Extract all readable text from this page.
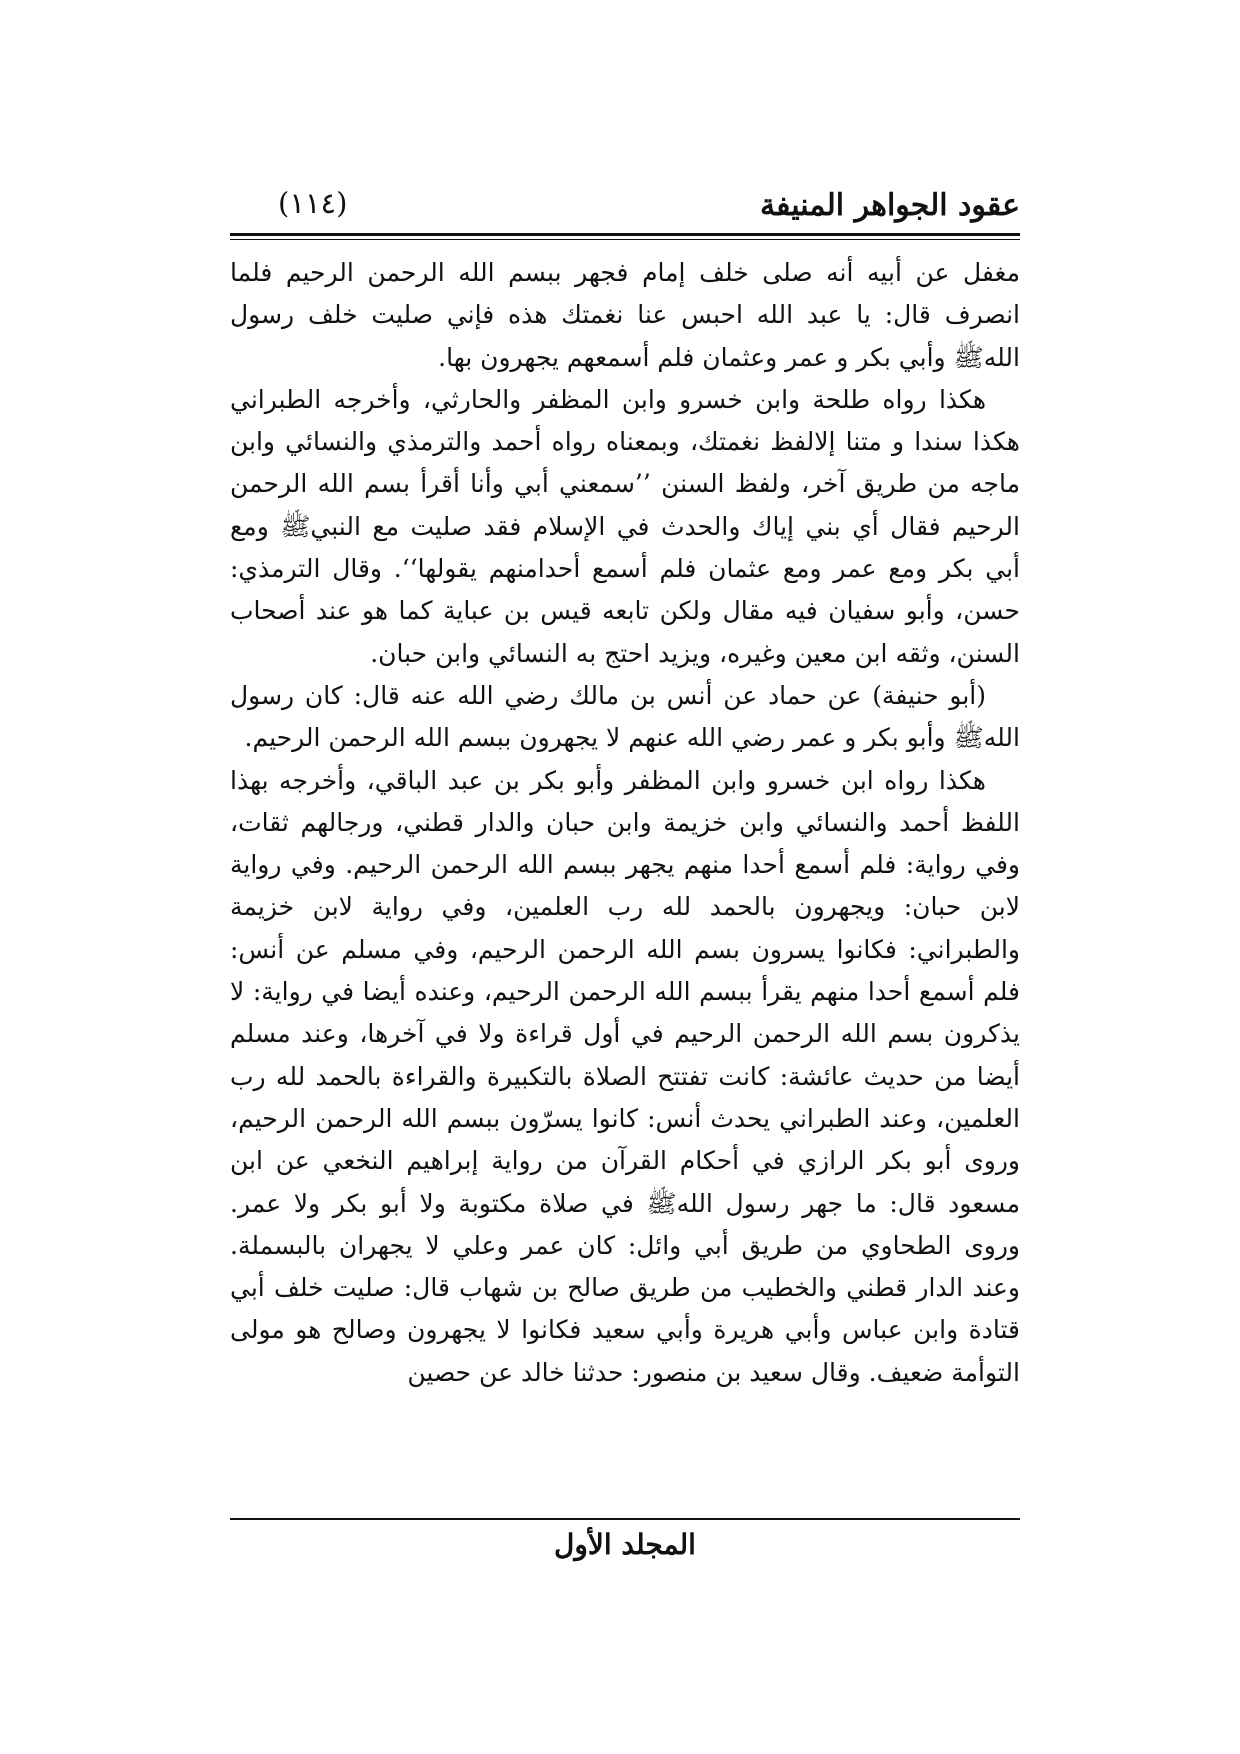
عقود الجواهر المنيفة
(١١٤)

مغفل عن أبيه أنه صلى خلف إمام فجهر ببسم الله الرحمن الرحيم فلما انصرف قال: يا عبد الله احبس عنا نغمتك هذه فإني صليت خلف رسول اللهﷺ وأبي بكر و عمر وعثمان فلم أسمعهم يجهرون بها.

هكذا رواه طلحة وابن خسرو وابن المظفر والحارثي، وأخرجه الطبراني هكذا سندا و متنا إلالفظ نغمتك، وبمعناه رواه أحمد والترمذي والنسائي وابن ماجه من طريق آخر، ولفظ السنن ’’سمعني أبي وأنا أقرأ بسم الله الرحمن الرحيم فقال أي بني إياك والحدث في الإسلام فقد صليت مع النبيﷺ ومع أبي بكر ومع عمر ومع عثمان فلم أسمع أحدامنهم يقولها‘‘. وقال الترمذي: حسن، وأبو سفيان فيه مقال ولكن تابعه قيس بن عباية كما هو عند أصحاب السنن، وثقه ابن معين وغيره، ويزيد احتج به النسائي وابن حبان.

(أبو حنيفة) عن حماد عن أنس بن مالك رضي الله عنه قال: كان رسول اللهﷺ وأبو بكر و عمر رضي الله عنهم لا يجهرون ببسم الله الرحمن الرحيم.

هكذا رواه ابن خسرو وابن المظفر وأبو بكر بن عبد الباقي، وأخرجه بهذا اللفظ أحمد والنسائي وابن خزيمة وابن حبان والدار قطني، ورجالهم ثقات، وفي رواية: فلم أسمع أحدا منهم يجهر ببسم الله الرحمن الرحيم. وفي رواية لابن حبان: ويجهرون بالحمد لله رب العلمين، وفي رواية لابن خزيمة والطبراني: فكانوا يسرون بسم الله الرحمن الرحيم، وفي مسلم عن أنس: فلم أسمع أحدا منهم يقرأ ببسم الله الرحمن الرحيم، وعنده أيضا في رواية: لا يذكرون بسم الله الرحمن الرحيم في أول قراءة ولا في آخرها، وعند مسلم أيضا من حديث عائشة: كانت تفتتح الصلاة بالتكبيرة والقراءة بالحمد لله رب العلمين، وعند الطبراني يحدث أنس: كانوا يسرّون ببسم الله الرحمن الرحيم، وروى أبو بكر الرازي في أحكام القرآن من رواية إبراهيم النخعي عن ابن مسعود قال: ما جهر رسول اللهﷺ في صلاة مكتوبة ولا أبو بكر ولا عمر. وروى الطحاوي من طريق أبي وائل: كان عمر وعلي لا يجهران بالبسملة. وعند الدار قطني والخطيب من طريق صالح بن شهاب قال: صليت خلف أبي قتادة وابن عباس وأبي هريرة وأبي سعيد فكانوا لا يجهرون وصالح هو مولى التوأمة ضعيف. وقال سعيد بن منصور: حدثنا خالد عن حصين

المجلد الأول
